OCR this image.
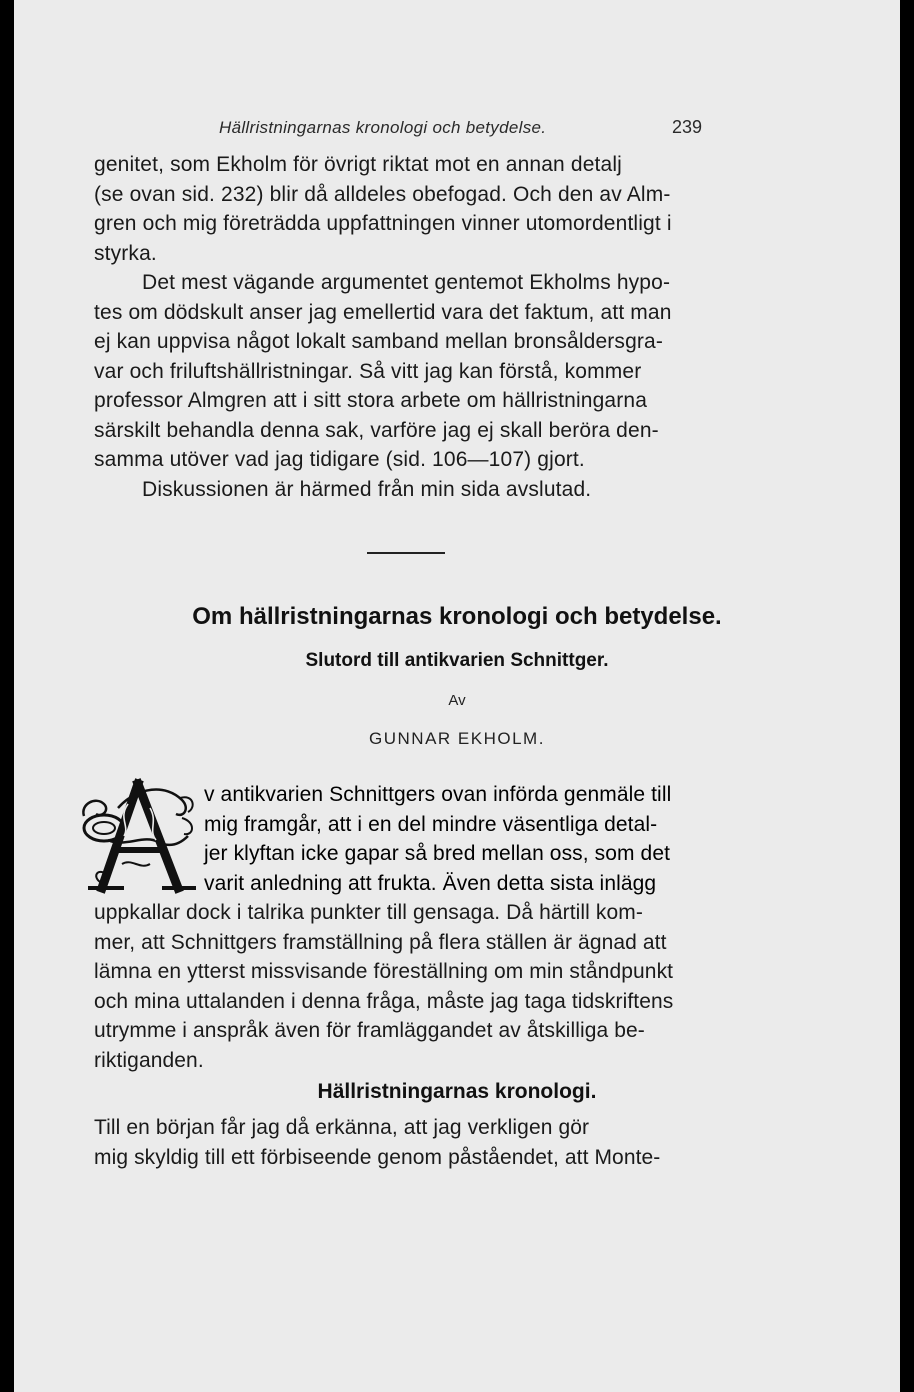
Hällristningarnas kronologi och betydelse.	239

genitet, som Ekholm för övrigt riktat mot en annan detalj

(se ovan sid. 232) blir då alldeles obefogad. Och den av Alm-

gren och mig företrädda uppfattningen vinner utomordentligt i

styrka.

Det mest vägande argumentet gentemot Ekholms hypo-

tes om dödskult anser jag emellertid vara det faktum, att man

ej kan uppvisa något lokalt samband mellan bronsåldersgra-

var och friluftshällristningar. Så vitt jag kan förstå, kommer

professor Almgren att i sitt stora arbete om hällristningarna

särskilt behandla denna sak, varföre jag ej skall beröra den-

samma utöver vad jag tidigare (sid. 106—107) gjort.

Diskussionen är härmed från min sida avslutad.

Om hällristningarnas kronologi och betydelse.
Slutord till antikvarien Schnittger.
Av
GUNNAR EKHOLM.

v antikvarien Schnittgers ovan införda genmäle till

mig framgår, att i en del mindre väsentliga detal-

jer klyftan icke gapar så bred mellan oss, som det

varit anledning att frukta. Även detta sista inlägg

uppkallar dock i talrika punkter till gensaga. Då härtill kom-

mer, att Schnittgers framställning på flera ställen är ägnad att

lämna en ytterst missvisande föreställning om min ståndpunkt

och mina uttalanden i denna fråga, måste jag taga tidskriftens

utrymme i anspråk även för framläggandet av åtskilliga be-

riktiganden.

Hällristningarnas kronologi.

Till en början får jag då erkänna, att jag verkligen gör

mig skyldig till ett förbiseende genom påståendet, att Monte-
